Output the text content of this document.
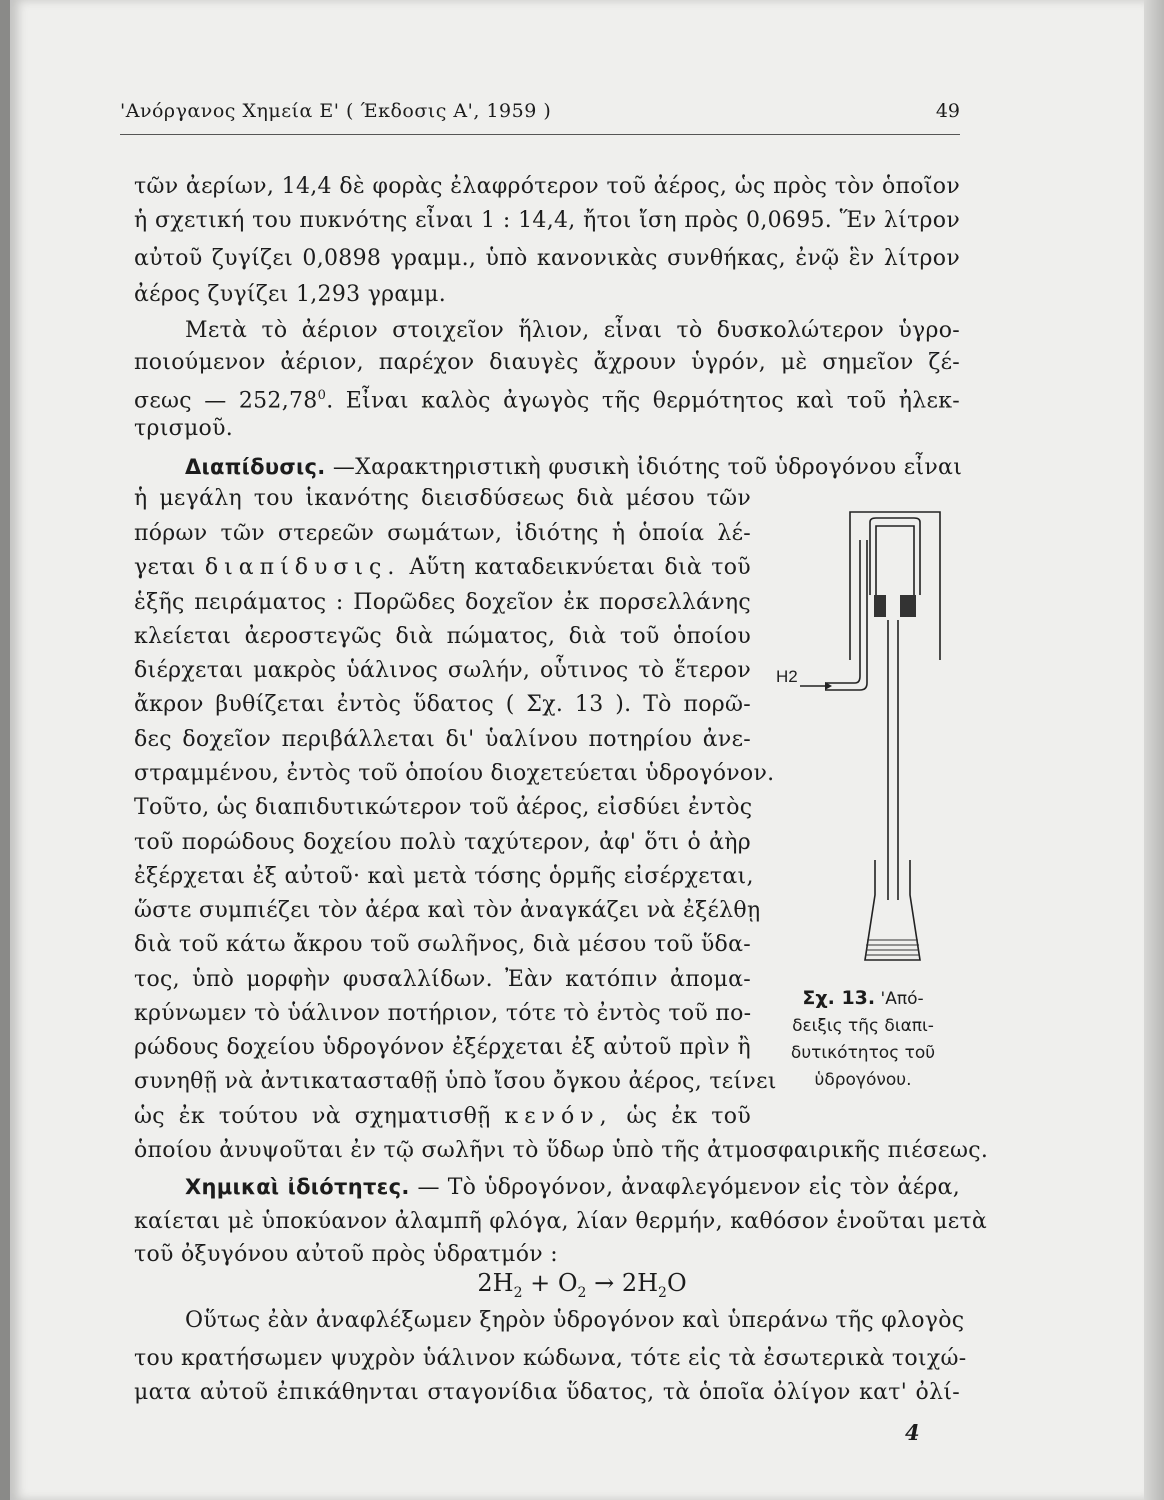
'Ανόργανος Χημεία Ε' ( Έκδοσις Α', 1959 )	49
τῶν ἀερίων, 14,4 δὲ φορὰς ἐλαφρότερον τοῦ ἀέρος, ὡς πρὸς τὸν ὁποῖον
ἡ σχετική του πυκνότης εἶναι 1 : 14,4, ἤτοι ἴση πρὸς 0,0695. Ἕν λίτρον
αὐτοῦ ζυγίζει 0,0898 γραμμ., ὑπὸ κανονικὰς συνθήκας, ἐνῷ ἓν λίτρον
ἀέρος ζυγίζει 1,293 γραμμ.
Μετὰ τὸ ἀέριον στοιχεῖον ἥλιον, εἶναι τὸ δυσκολώτερον ὑγρο-
ποιούμενον ἀέριον, παρέχον διαυγὲς ἄχρουν ὑγρόν, μὲ σημεῖον ζέ-
σεως — 252,78$^0$. Εἶναι καλὸς ἀγωγὸς τῆς θερμότητος καὶ τοῦ ἠλεκ-
τρισμοῦ.
Διαπίδυσις. —Χαρακτηριστικὴ φυσικὴ ἰδιότης τοῦ ὑδρογόνου εἶναι
ἡ μεγάλη του ἱκανότης διεισδύσεως διὰ μέσου τῶν
πόρων τῶν στερεῶν σωμάτων, ἰδιότης ἡ ὁποία λέ-
γεται διαπίδυσις. Αὕτη καταδεικνύεται διὰ τοῦ
ἑξῆς πειράματος : Πορῶδες δοχεῖον ἐκ πορσελλάνης
κλείεται ἀεροστεγῶς διὰ πώματος, διὰ τοῦ ὁποίου
διέρχεται μακρὸς ὑάλινος σωλήν, οὗτινος τὸ ἕτερον
ἄκρον βυθίζεται ἐντὸς ὕδατος ( Σχ. 13 ). Τὸ πορῶ-
δες δοχεῖον περιβάλλεται δι' ὑαλίνου ποτηρίου ἀνε-
στραμμένου, ἐντὸς τοῦ ὁποίου διοχετεύεται ὑδρογόνον.
Τοῦτο, ὡς διαπιδυτικώτερον τοῦ ἀέρος, εἰσδύει ἐντὸς
τοῦ πορώδους δοχείου πολὺ ταχύτερον, ἀφ' ὅτι ὁ ἀὴρ
ἐξέρχεται ἐξ αὐτοῦ· καὶ μετὰ τόσης ὁρμῆς εἰσέρχεται,
ὥστε συμπιέζει τὸν ἀέρα καὶ τὸν ἀναγκάζει νὰ ἐξέλθῃ
διὰ τοῦ κάτω ἄκρου τοῦ σωλῆνος, διὰ μέσου τοῦ ὕδα-
τος, ὑπὸ μορφὴν φυσαλλίδων. Ἐὰν κατόπιν ἀπομα-
κρύνωμεν τὸ ὑάλινον ποτήριον, τότε τὸ ἐντὸς τοῦ πο-
ρώδους δοχείου ὑδρογόνον ἐξέρχεται ἐξ αὐτοῦ πρὶν ἢ
συνηθῇ νὰ ἀντικατασταθῇ ὑπὸ ἴσου ὄγκου ἀέρος, τείνει
ὡς ἐκ τούτου νὰ σχηματισθῇ κενόν, ὡς ἐκ τοῦ
ὁποίου ἀνυψοῦται ἐν τῷ σωλῆνι τὸ ὕδωρ ὑπὸ τῆς ἀτμοσφαιρικῆς πιέσεως.
Χημικαὶ ἰδιότητες. — Τὸ ὑδρογόνον, ἀναφλεγόμενον εἰς τὸν ἀέρα,
καίεται μὲ ὑποκύανον ἀλαμπῆ φλόγα, λίαν θερμήν, καθόσον ἑνοῦται μετὰ
τοῦ ὀξυγόνου αὐτοῦ πρὸς ὑδρατμόν :
$2H_2 + O_2 \to 2H_2O$
Οὕτως ἐὰν ἀναφλέξωμεν ξηρὸν ὑδρογόνον καὶ ὑπεράνω τῆς φλογὸς
του κρατήσωμεν ψυχρὸν ὑάλινον κώδωνα, τότε εἰς τὰ ἐσωτερικὰ τοιχώ-
ματα αὐτοῦ ἐπικάθηνται σταγονίδια ὕδατος, τὰ ὁποῖα ὀλίγον κατ' ὀλί-
H2
Σχ. 13. 'Από-
δειξις τῆς διαπι-
δυτικότητος τοῦ
ὑδρογόνου.
4
